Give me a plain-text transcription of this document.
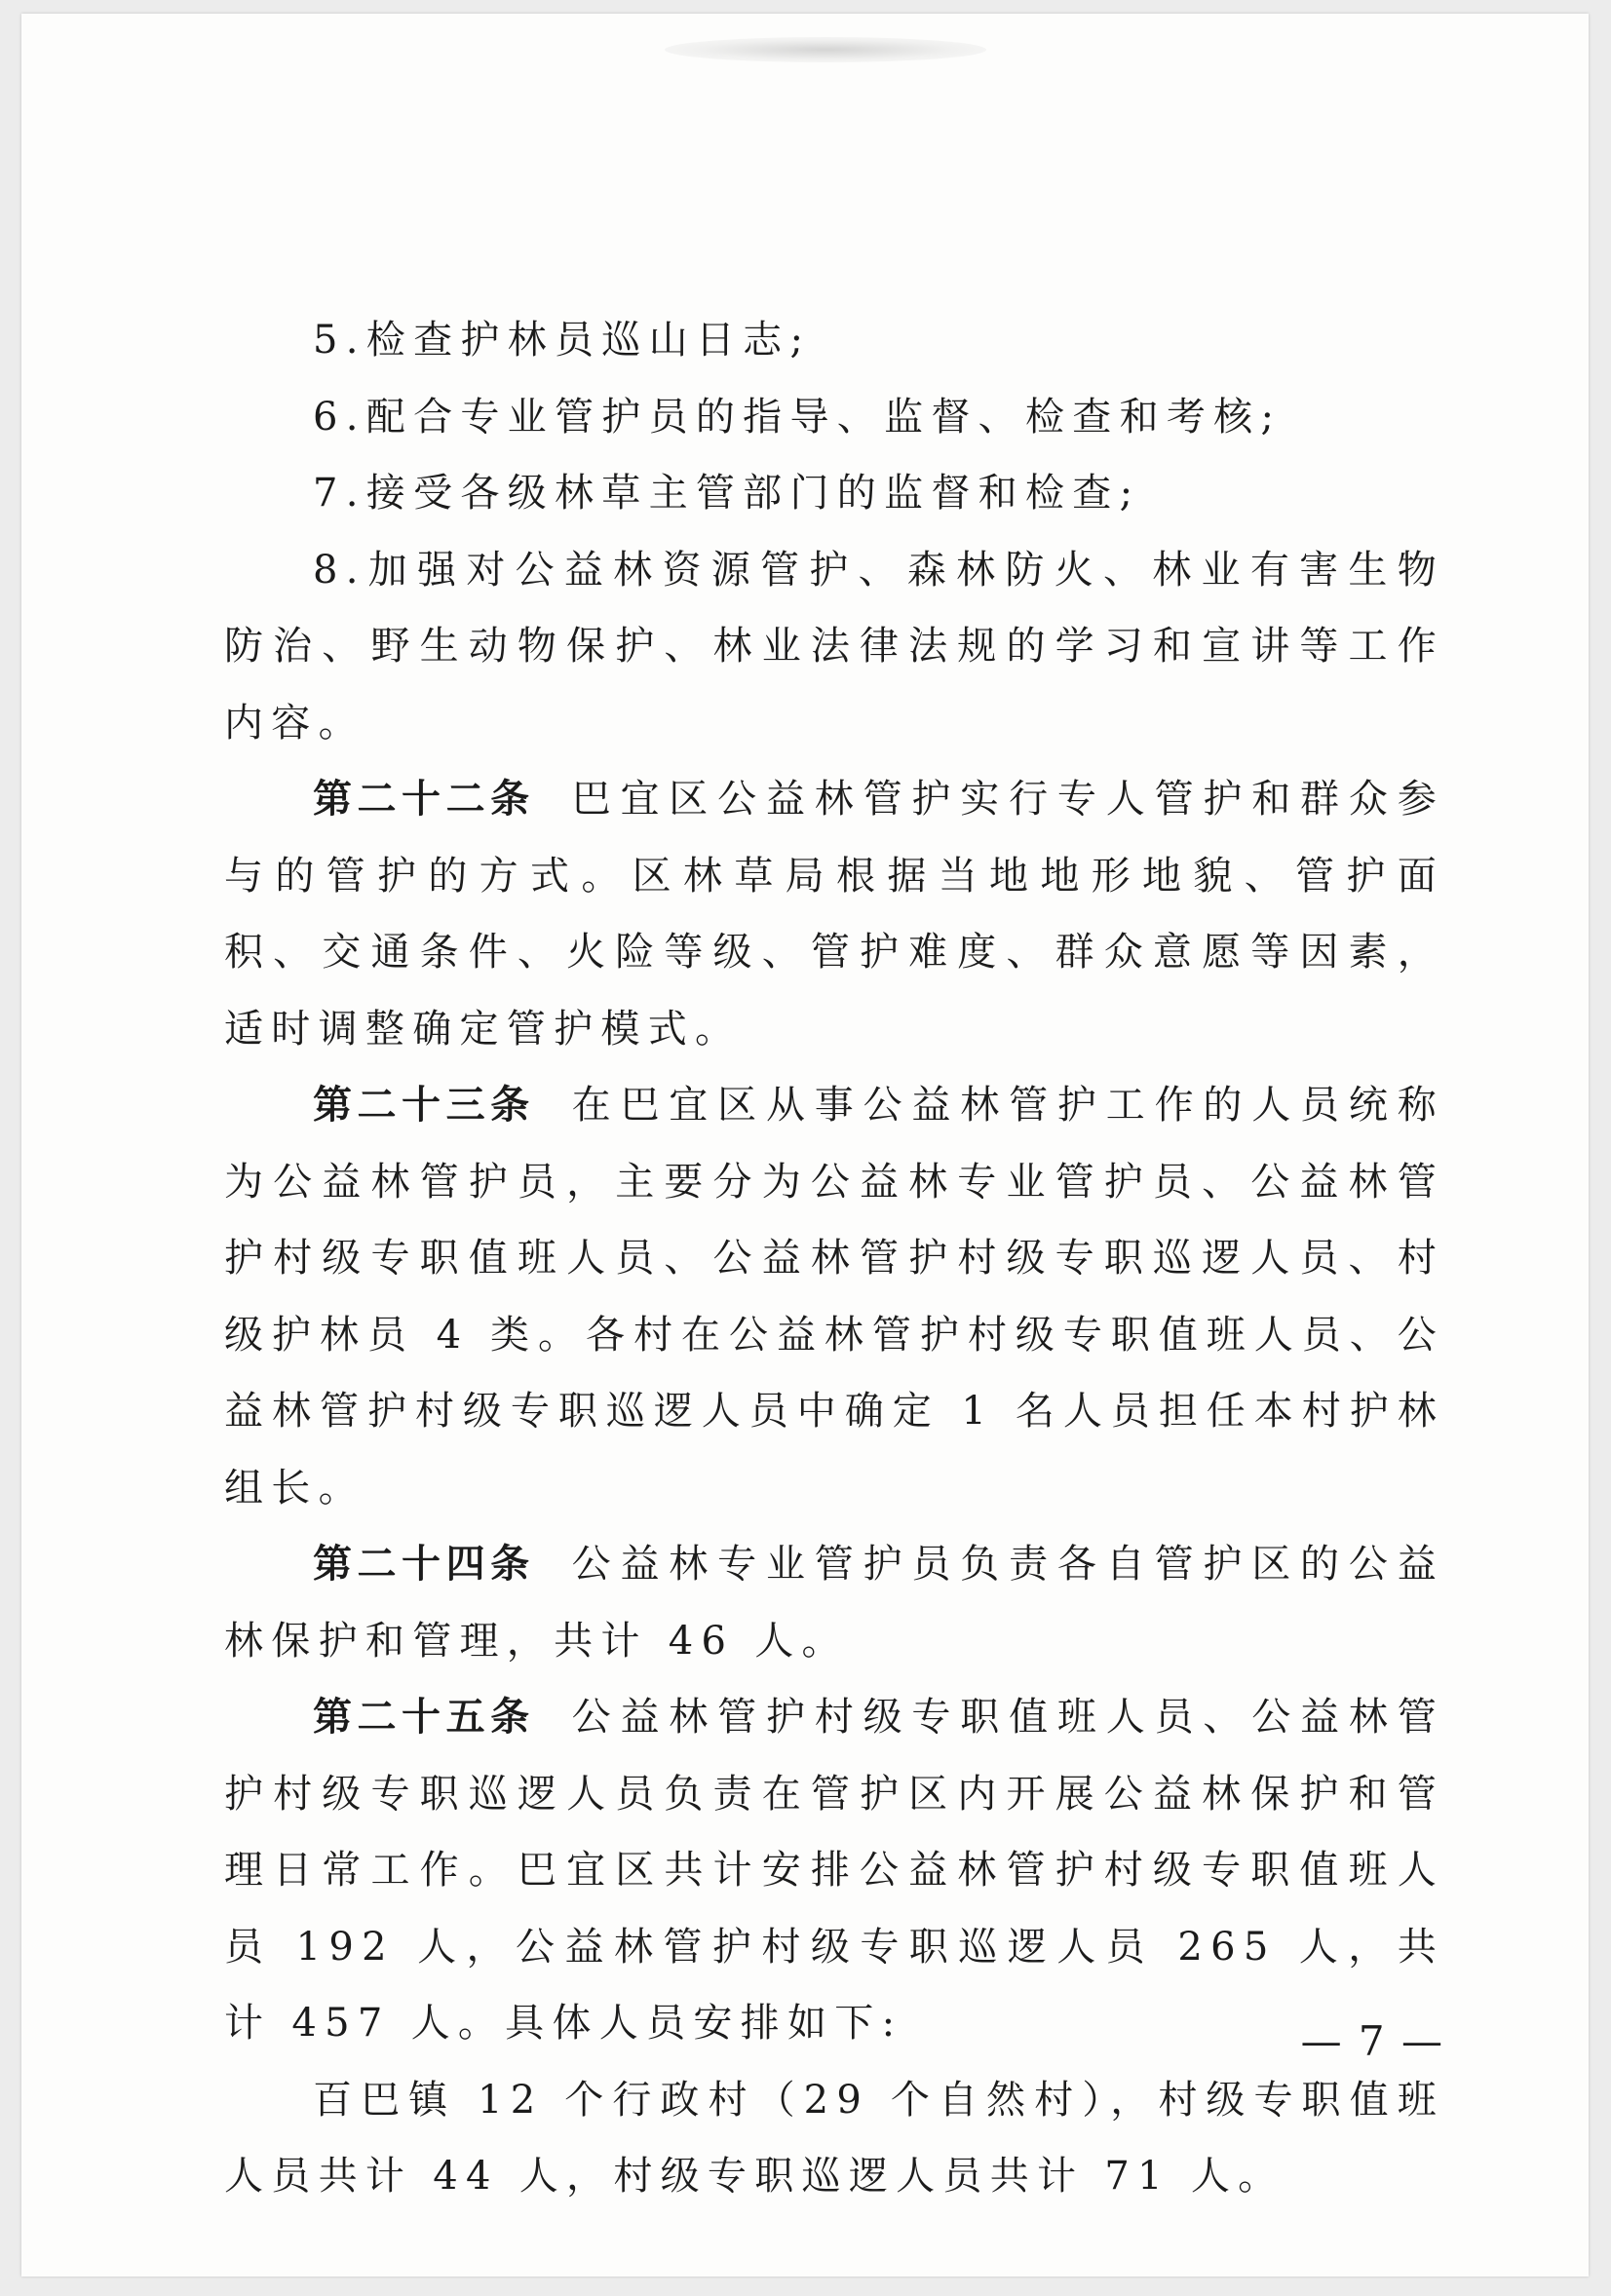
5.检查护林员巡山日志;

6.配合专业管护员的指导、监督、检查和考核;

7.接受各级林草主管部门的监督和检查;

8.加强对公益林资源管护、森林防火、林业有害生物防治、野生动物保护、林业法律法规的学习和宣讲等工作内容。

第二十二条 巴宜区公益林管护实行专人管护和群众参与的管护的方式。区林草局根据当地地形地貌、管护面积、交通条件、火险等级、管护难度、群众意愿等因素，适时调整确定管护模式。

第二十三条 在巴宜区从事公益林管护工作的人员统称为公益林管护员，主要分为公益林专业管护员、公益林管护村级专职值班人员、公益林管护村级专职巡逻人员、村级护林员 4 类。各村在公益林管护村级专职值班人员、公益林管护村级专职巡逻人员中确定 1 名人员担任本村护林组长。

第二十四条 公益林专业管护员负责各自管护区的公益林保护和管理，共计 46 人。

第二十五条 公益林管护村级专职值班人员、公益林管护村级专职巡逻人员负责在管护区内开展公益林保护和管理日常工作。巴宜区共计安排公益林管护村级专职值班人员 192 人，公益林管护村级专职巡逻人员 265 人，共计 457 人。具体人员安排如下:

百巴镇 12 个行政村（29 个自然村），村级专职值班人员共计 44 人，村级专职巡逻人员共计 71 人。

— 7 —
